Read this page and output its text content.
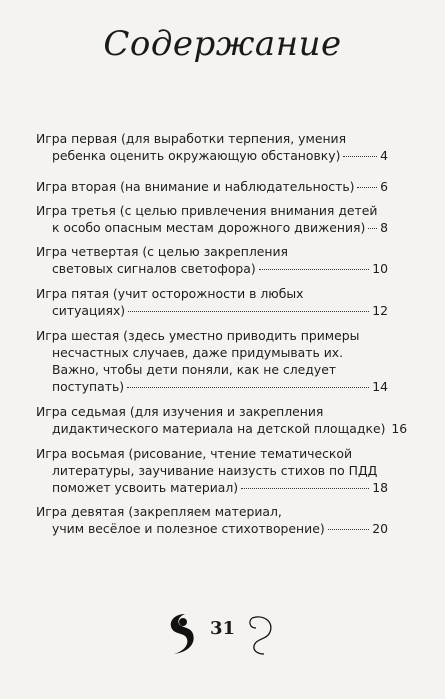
Содержание
Игра первая (для выработки терпения, умения
ребенка оценить окружающую обстановку)	4
Игра вторая (на внимание и наблюдательность) 6
Игра третья (с целью привлечения внимания детей
к особо опасным местам дорожного движения) 8
Игра четвертая (с целью закрепления
световых сигналов светофора)	10
Игра пятая (учит осторожности в любых
ситуациях)	12
Игра шестая (здесь уместно приводить примеры
несчастных случаев, даже придумывать их.
Важно, чтобы дети поняли, как не следует
поступать)	14
Игра седьмая (для изучения и закрепления
дидактического материала на детской площадке) 16
Игра восьмая (рисование, чтение тематической
литературы, заучивание наизусть стихов по ПДД
поможет усвоить материал)	18
Игра девятая (закрепляем материал,
учим весёлое и полезное стихотворение)	20
31
